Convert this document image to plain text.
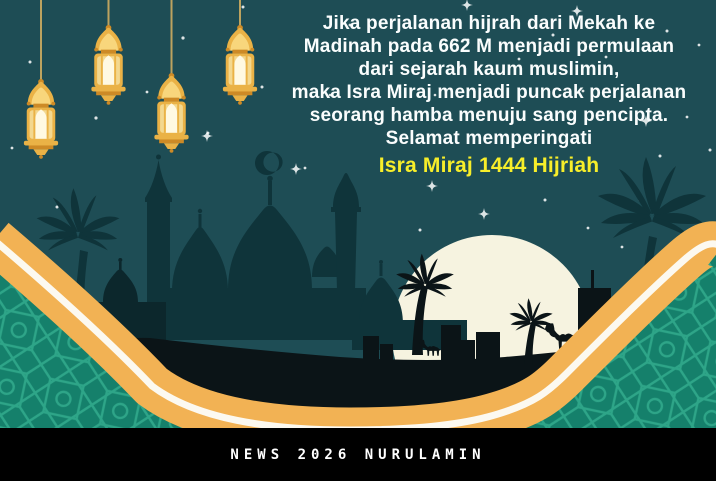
Jika perjalanan hijrah dari Mekah ke
Madinah pada 662 M menjadi permulaan
dari sejarah kaum muslimin,
maka Isra Miraj menjadi puncak perjalanan
seorang hamba menuju sang pencipta.
Selamat memperingati
Isra Miraj 1444 Hijriah
NEWS 2026 NURULAMIN
